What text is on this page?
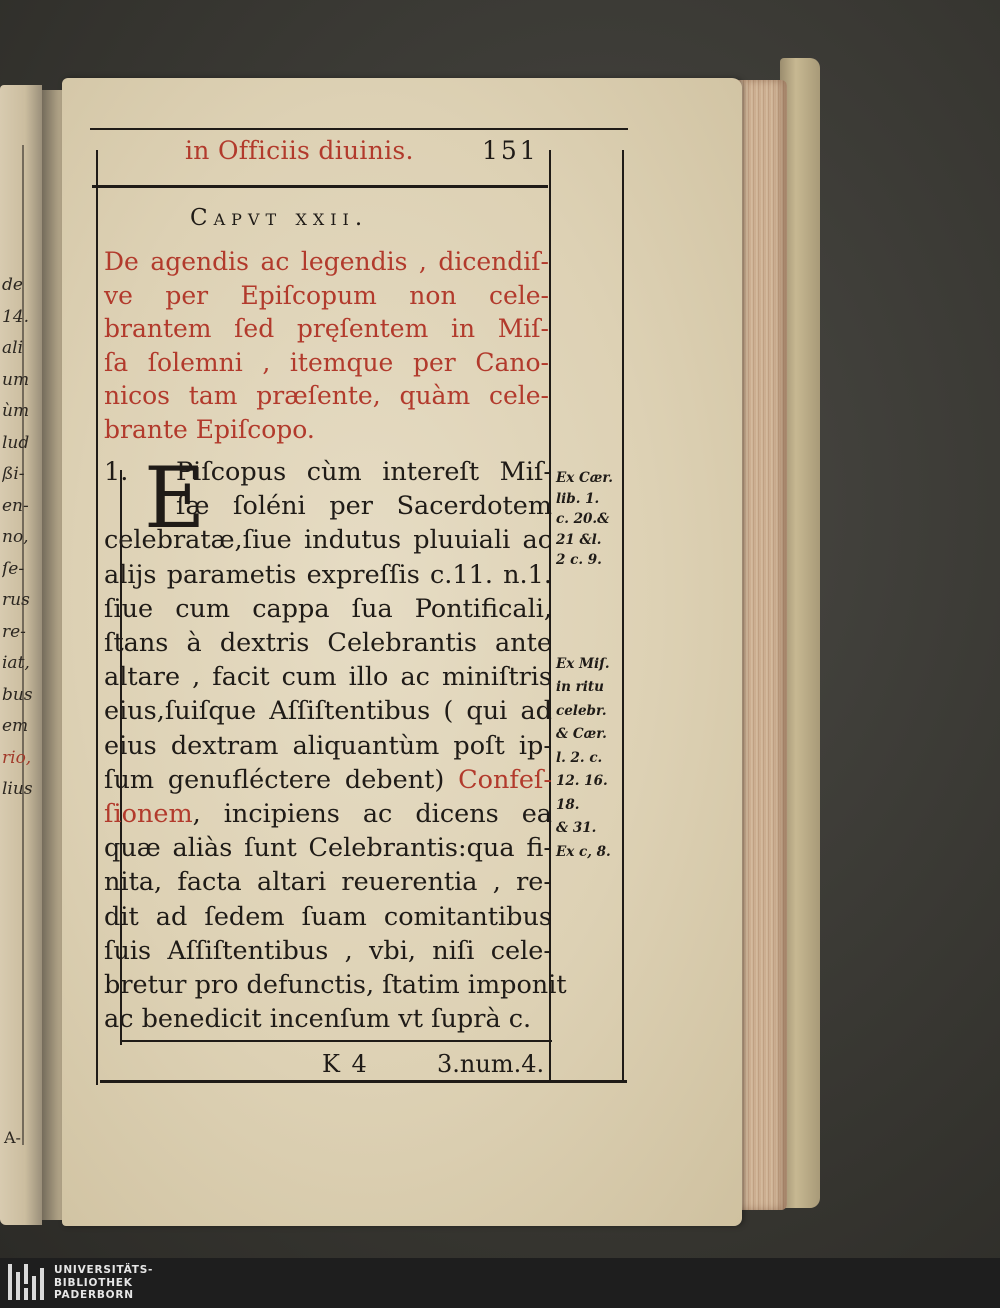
de
14.
ali
um
ùm
lud
ßi-
en-
no,
ſe-
rus
re-
iat,
bus
em
rio,
lius
A-
in Officiis diuinis.	151
Capvt xxii.
De agendis ac legendis , dicendiſ-
ve per Epiſcopum non cele-
brantem ſed pręſentem in Miſ-
ſa ſolemni , itemque per Cano-
nicos tam præſente, quàm cele-
brante Epiſcopo.
E
1.	Piſcopus cùm intereſt Miſ-
ſæ ſoléni per Sacerdotem
celebratæ,ſiue indutus pluuiali ac
alijs parametis expreſſis c.11. n.1.
ſiue cum cappa ſua Pontificali,
ſtans à dextris Celebrantis ante
altare , facit cum illo ac miniſtris
eius,ſuiſque Aſſiſtentibus ( qui ad
eius dextram aliquantùm poſt ip-
ſum genufléctere debent) Confeſ-
ſionem, incipiens ac dicens ea
quæ aliàs ſunt Celebrantis:qua fi-
nita, facta altari reuerentia , re-
dit ad ſedem ſuam comitantibus
ſuis Aſſiſtentibus , vbi, niſi cele-
bretur pro defunctis, ſtatim imponit
ac benedicit incenſum vt ſuprà c.
Ex Cær.
lib. 1.
c. 20.&
21 &l.
2 c. 9.

Ex Miſ.
in ritu
celebr.
& Cær.
l. 2. c.
12. 16.
18.
& 31.
Ex c, 8.
K 4	3.num.4.
UNIVERSITÄTS-
BIBLIOTHEK
PADERBORN
